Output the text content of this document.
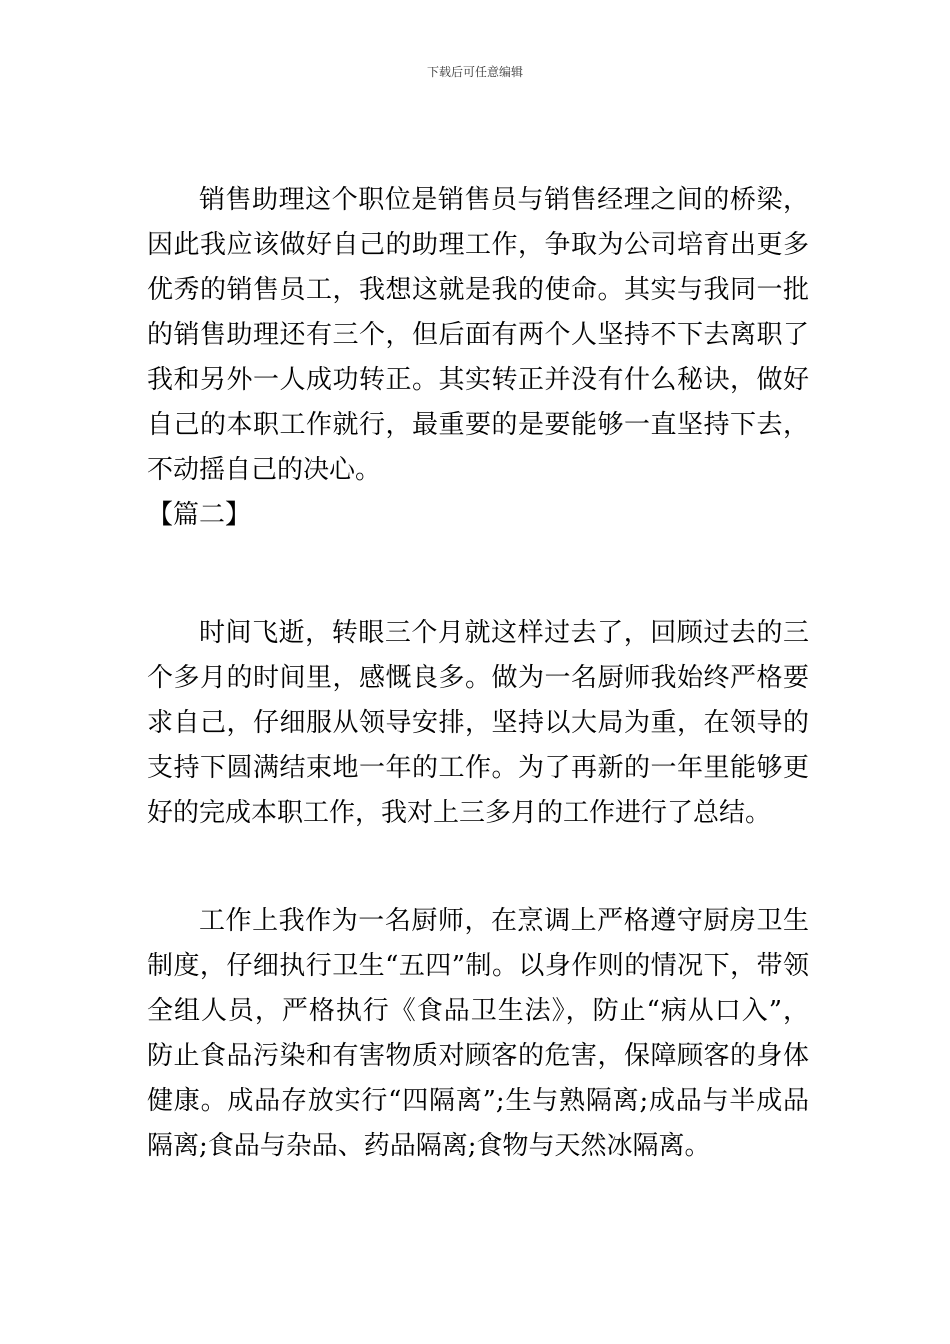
下载后可任意编辑

销售助理这个职位是销售员与销售经理之间的桥梁，因此我应该做好自己的助理工作，争取为公司培育出更多优秀的销售员工，我想这就是我的使命。其实与我同一批的销售助理还有三个，但后面有两个人坚持不下去离职了我和另外一人成功转正。其实转正并没有什么秘诀，做好自己的本职工作就行，最重要的是要能够一直坚持下去，不动摇自己的决心。

【篇二】

时间飞逝，转眼三个月就这样过去了，回顾过去的三个多月的时间里，感慨良多。做为一名厨师我始终严格要求自己，仔细服从领导安排，坚持以大局为重，在领导的支持下圆满结束地一年的工作。为了再新的一年里能够更好的完成本职工作，我对上三多月的工作进行了总结。

工作上我作为一名厨师，在烹调上严格遵守厨房卫生制度，仔细执行卫生“五四”制。以身作则的情况下，带领全组人员，严格执行《食品卫生法》，防止“病从口入”，防止食品污染和有害物质对顾客的危害，保障顾客的身体健康。成品存放实行“四隔离”;生与熟隔离;成品与半成品隔离;食品与杂品、药品隔离;食物与天然冰隔离。
